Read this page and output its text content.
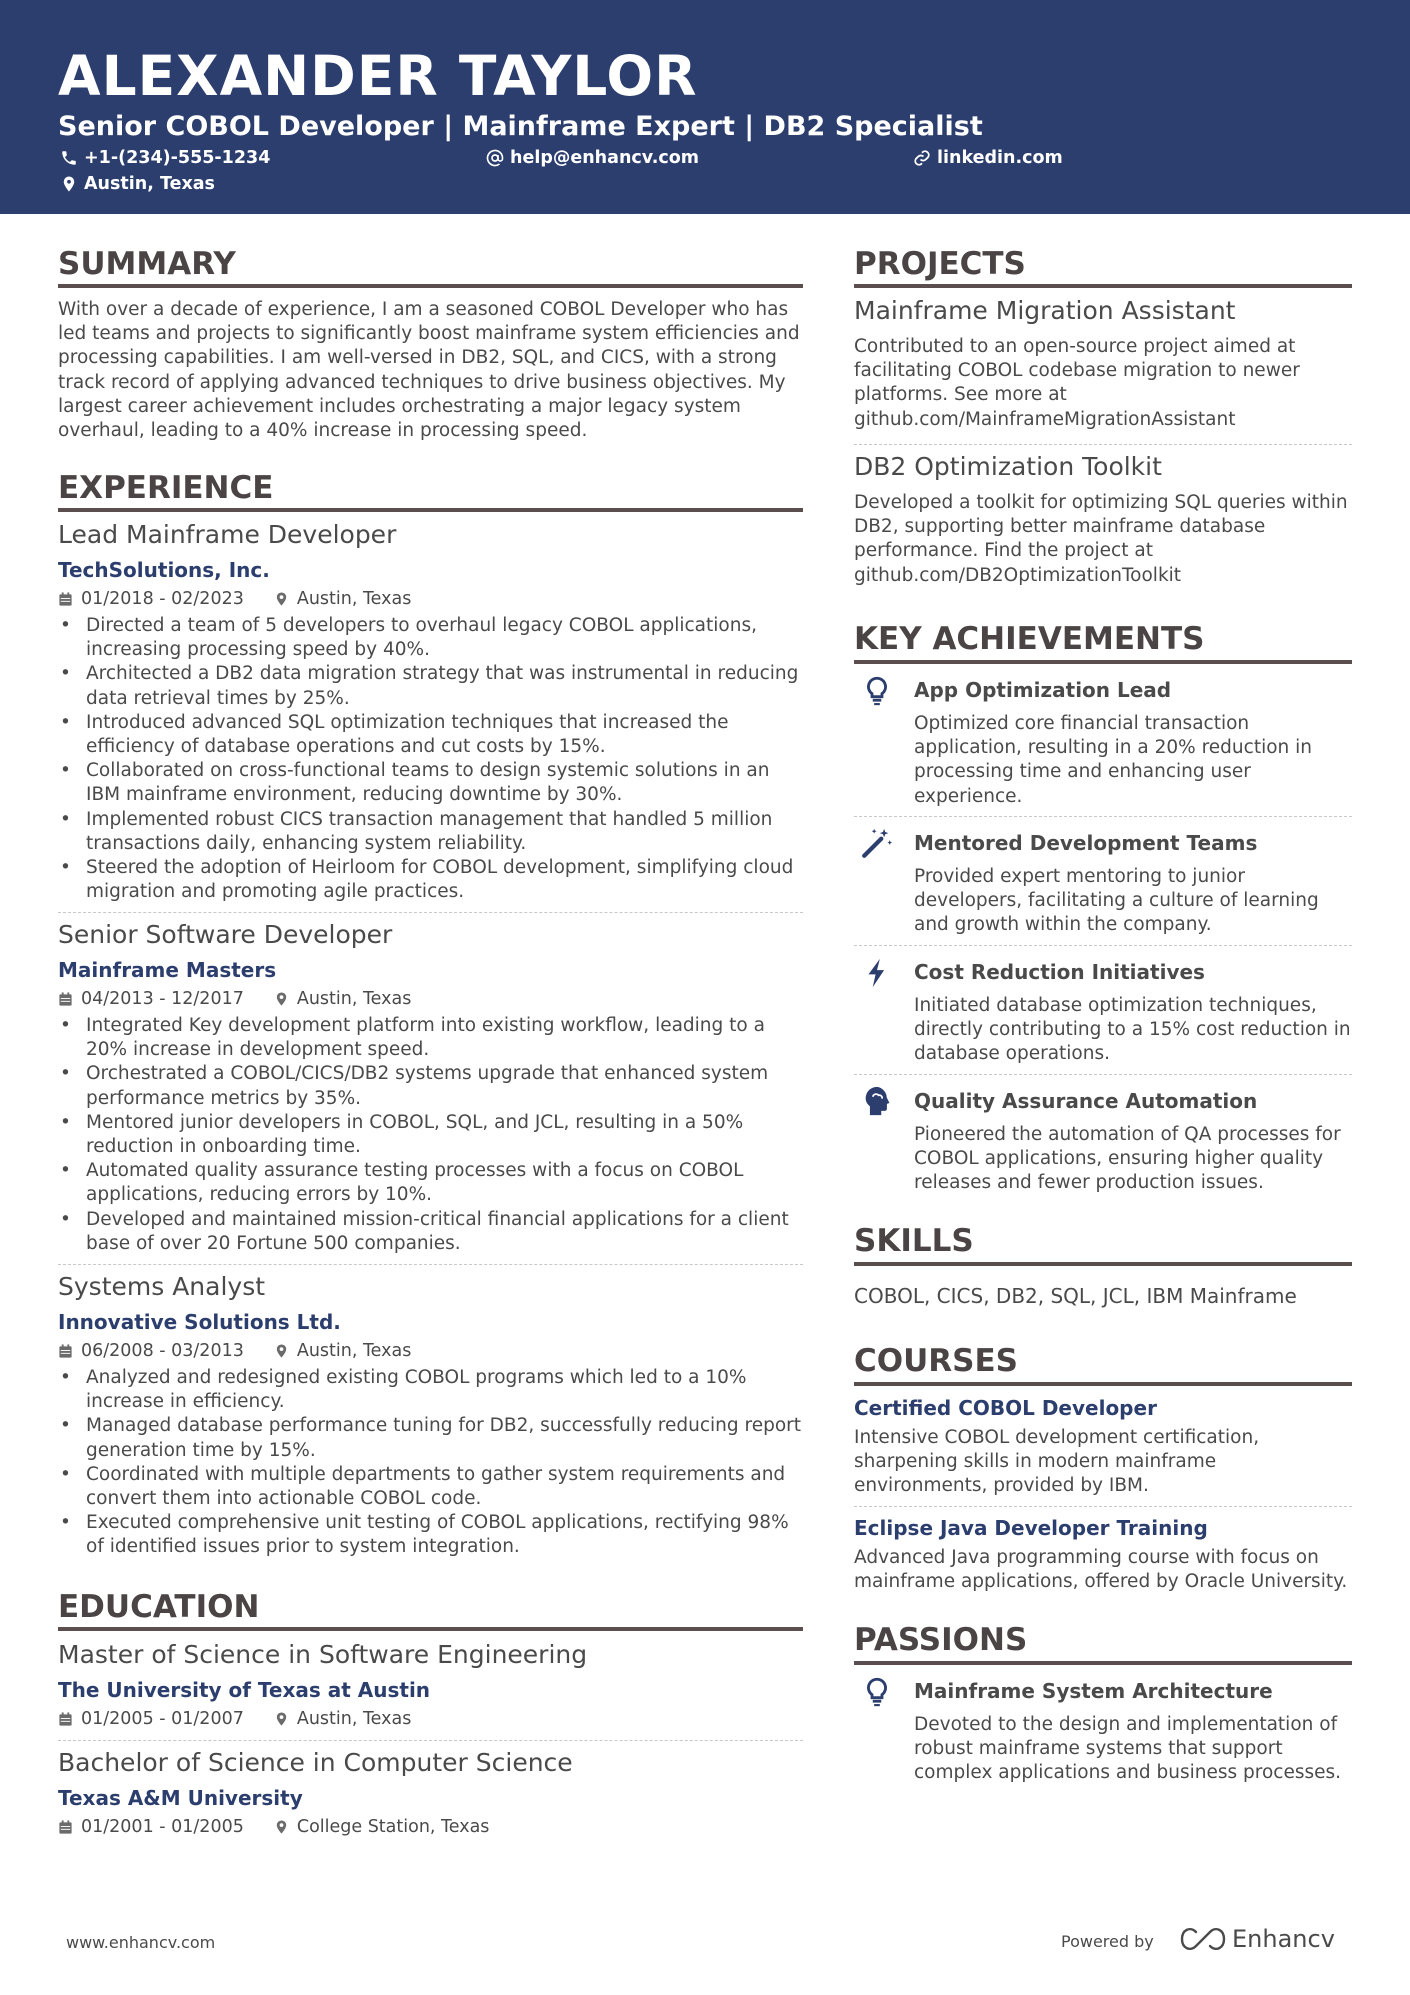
ALEXANDER TAYLOR
Senior COBOL Developer | Mainframe Expert | DB2 Specialist
+1-(234)-555-1234	help@enhancv.com	linkedin.com
Austin, Texas
SUMMARY
With over a decade of experience, I am a seasoned COBOL Developer who has led teams and projects to significantly boost mainframe system efficiencies and processing capabilities. I am well-versed in DB2, SQL, and CICS, with a strong track record of applying advanced techniques to drive business objectives. My largest career achievement includes orchestrating a major legacy system overhaul, leading to a 40% increase in processing speed.
EXPERIENCE
Lead Mainframe Developer
TechSolutions, Inc.
01/2018 - 02/2023	Austin, Texas
• Directed a team of 5 developers to overhaul legacy COBOL applications, increasing processing speed by 40%.
• Architected a DB2 data migration strategy that was instrumental in reducing data retrieval times by 25%.
• Introduced advanced SQL optimization techniques that increased the efficiency of database operations and cut costs by 15%.
• Collaborated on cross-functional teams to design systemic solutions in an IBM mainframe environment, reducing downtime by 30%.
• Implemented robust CICS transaction management that handled 5 million transactions daily, enhancing system reliability.
• Steered the adoption of Heirloom for COBOL development, simplifying cloud migration and promoting agile practices.
Senior Software Developer
Mainframe Masters
04/2013 - 12/2017	Austin, Texas
• Integrated Key development platform into existing workflow, leading to a 20% increase in development speed.
• Orchestrated a COBOL/CICS/DB2 systems upgrade that enhanced system performance metrics by 35%.
• Mentored junior developers in COBOL, SQL, and JCL, resulting in a 50% reduction in onboarding time.
• Automated quality assurance testing processes with a focus on COBOL applications, reducing errors by 10%.
• Developed and maintained mission-critical financial applications for a client base of over 20 Fortune 500 companies.
Systems Analyst
Innovative Solutions Ltd.
06/2008 - 03/2013	Austin, Texas
• Analyzed and redesigned existing COBOL programs which led to a 10% increase in efficiency.
• Managed database performance tuning for DB2, successfully reducing report generation time by 15%.
• Coordinated with multiple departments to gather system requirements and convert them into actionable COBOL code.
• Executed comprehensive unit testing of COBOL applications, rectifying 98% of identified issues prior to system integration.
EDUCATION
Master of Science in Software Engineering
The University of Texas at Austin
01/2005 - 01/2007	Austin, Texas
Bachelor of Science in Computer Science
Texas A&M University
01/2001 - 01/2005	College Station, Texas
PROJECTS
Mainframe Migration Assistant
Contributed to an open-source project aimed at facilitating COBOL codebase migration to newer platforms. See more at github.com/MainframeMigrationAssistant
DB2 Optimization Toolkit
Developed a toolkit for optimizing SQL queries within DB2, supporting better mainframe database performance. Find the project at github.com/DB2OptimizationToolkit
KEY ACHIEVEMENTS
App Optimization Lead
Optimized core financial transaction application, resulting in a 20% reduction in processing time and enhancing user experience.
Mentored Development Teams
Provided expert mentoring to junior developers, facilitating a culture of learning and growth within the company.
Cost Reduction Initiatives
Initiated database optimization techniques, directly contributing to a 15% cost reduction in database operations.
Quality Assurance Automation
Pioneered the automation of QA processes for COBOL applications, ensuring higher quality releases and fewer production issues.
SKILLS
COBOL, CICS, DB2, SQL, JCL, IBM Mainframe
COURSES
Certified COBOL Developer
Intensive COBOL development certification, sharpening skills in modern mainframe environments, provided by IBM.
Eclipse Java Developer Training
Advanced Java programming course with focus on mainframe applications, offered by Oracle University.
PASSIONS
Mainframe System Architecture
Devoted to the design and implementation of robust mainframe systems that support complex applications and business processes.
www.enhancv.com	Powered by	Enhancv
